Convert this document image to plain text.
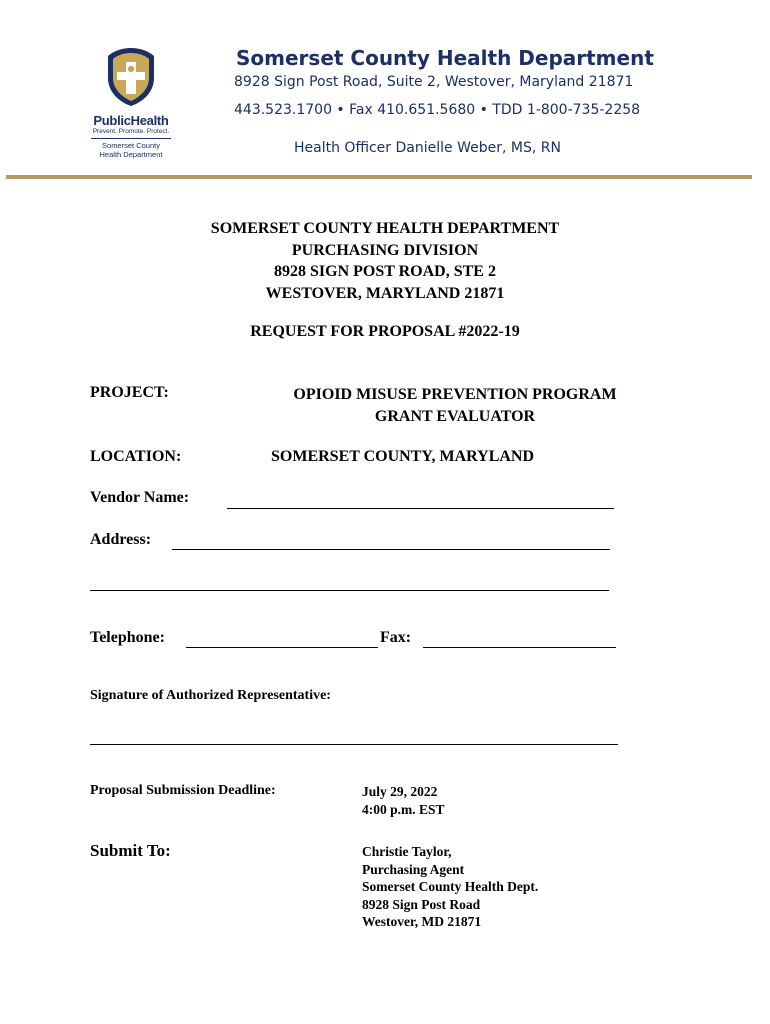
PublicHealth
Prevent. Promote. Protect.
Somerset County
Health Department
Somerset County Health Department
8928 Sign Post Road, Suite 2, Westover, Maryland 21871
443.523.1700 • Fax 410.651.5680 • TDD 1-800-735-2258
Health Officer Danielle Weber, MS, RN
SOMERSET COUNTY HEALTH DEPARTMENT
PURCHASING DIVISION
8928 SIGN POST ROAD, STE 2
WESTOVER, MARYLAND 21871
REQUEST FOR PROPOSAL #2022-19
PROJECT:	OPIOID MISUSE PREVENTION PROGRAM
GRANT EVALUATOR
LOCATION:	SOMERSET COUNTY, MARYLAND
Vendor Name:
Address:
Telephone:	Fax:
Signature of Authorized Representative:
Proposal Submission Deadline:	July 29, 2022
4:00 p.m. EST
Submit To:	Christie Taylor,
Purchasing Agent
Somerset County Health Dept.
8928 Sign Post Road
Westover, MD 21871
